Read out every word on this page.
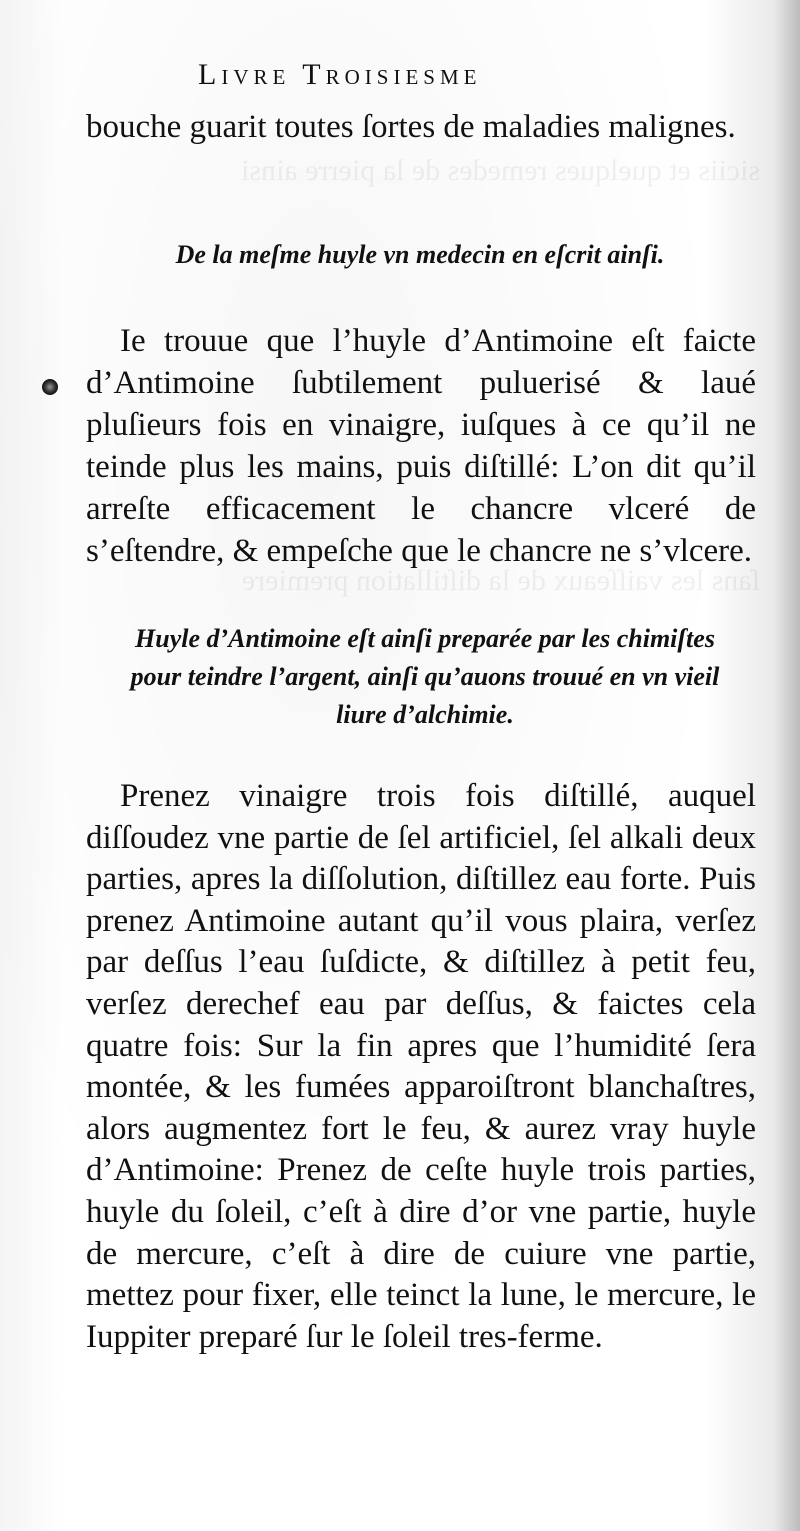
siciis et quelques remedes de la pierre ainsi
ſans les vaiſſeaux de la diſtillation premiere
Livre Troisiesme
bouche guarit toutes ſortes de maladies malignes.
De la meſme huyle vn medecin en eſcrit ainſi.
Ie trouue que l’huyle d’Antimoine eſt faicte d’Antimoine ſubtilement puluerisé & laué pluſieurs fois en vinaigre, iuſques à ce qu’il ne teinde plus les mains, puis diſtillé: L’on dit qu’il arreſte efficacement le chancre vlceré de s’eſtendre, & empeſche que le chancre ne s’vlcere.
Huyle d’Antimoine eſt ainſi preparée par les chimiſtes pour teindre l’argent, ainſi qu’auons trouué en vn vieil liure d’alchimie.
Prenez vinaigre trois fois diſtillé, auquel diſſoudez vne partie de ſel artificiel, ſel alkali deux parties, apres la diſſolution, diſtillez eau forte. Puis prenez Antimoine autant qu’il vous plaira, verſez par deſſus l’eau ſuſdicte, & diſtillez à petit feu, verſez derechef eau par deſſus, & faictes cela quatre fois: Sur la fin apres que l’humidité ſera montée, & les fumées apparoiſtront blanchaſtres, alors augmentez fort le feu, & aurez vray huyle d’Antimoine: Prenez de ceſte huyle trois parties, huyle du ſoleil, c’eſt à dire d’or vne partie, huyle de mercure, c’eſt à dire de cuiure vne partie, mettez pour fixer, elle teinct la lune, le mercure, le Iuppiter preparé ſur le ſoleil tres-ferme.
